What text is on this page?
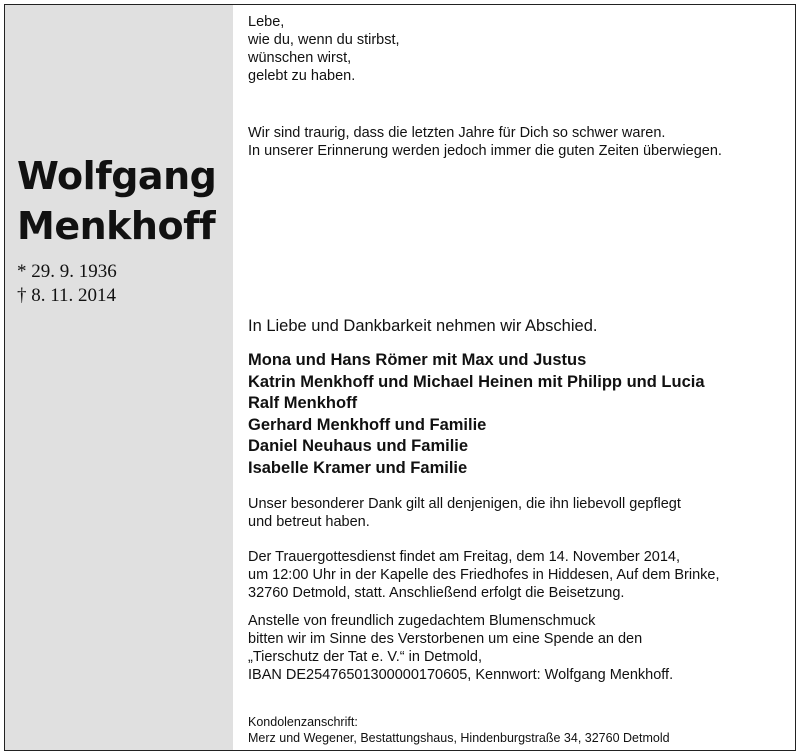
Wolfgang
Menkhoff
* 29. 9. 1936
† 8. 11. 2014
Lebe,
wie du, wenn du stirbst,
wünschen wirst,
gelebt zu haben.
Wir sind traurig, dass die letzten Jahre für Dich so schwer waren.
In unserer Erinnerung werden jedoch immer die guten Zeiten überwiegen.
In Liebe und Dankbarkeit nehmen wir Abschied.
Mona und Hans Römer mit Max und Justus
Katrin Menkhoff und Michael Heinen mit Philipp und Lucia
Ralf Menkhoff
Gerhard Menkhoff und Familie
Daniel Neuhaus und Familie
Isabelle Kramer und Familie
Unser besonderer Dank gilt all denjenigen, die ihn liebevoll gepflegt
und betreut haben.
Der Trauergottesdienst findet am Freitag, dem 14. November 2014,
um 12:00 Uhr in der Kapelle des Friedhofes in Hiddesen, Auf dem Brinke,
32760 Detmold, statt. Anschließend erfolgt die Beisetzung.
Anstelle von freundlich zugedachtem Blumenschmuck
bitten wir im Sinne des Verstorbenen um eine Spende an den
„Tierschutz der Tat e. V.“ in Detmold,
IBAN DE25476501300000170605, Kennwort: Wolfgang Menkhoff.
Kondolenzanschrift:
Merz und Wegener, Bestattungshaus, Hindenburgstraße 34, 32760 Detmold
